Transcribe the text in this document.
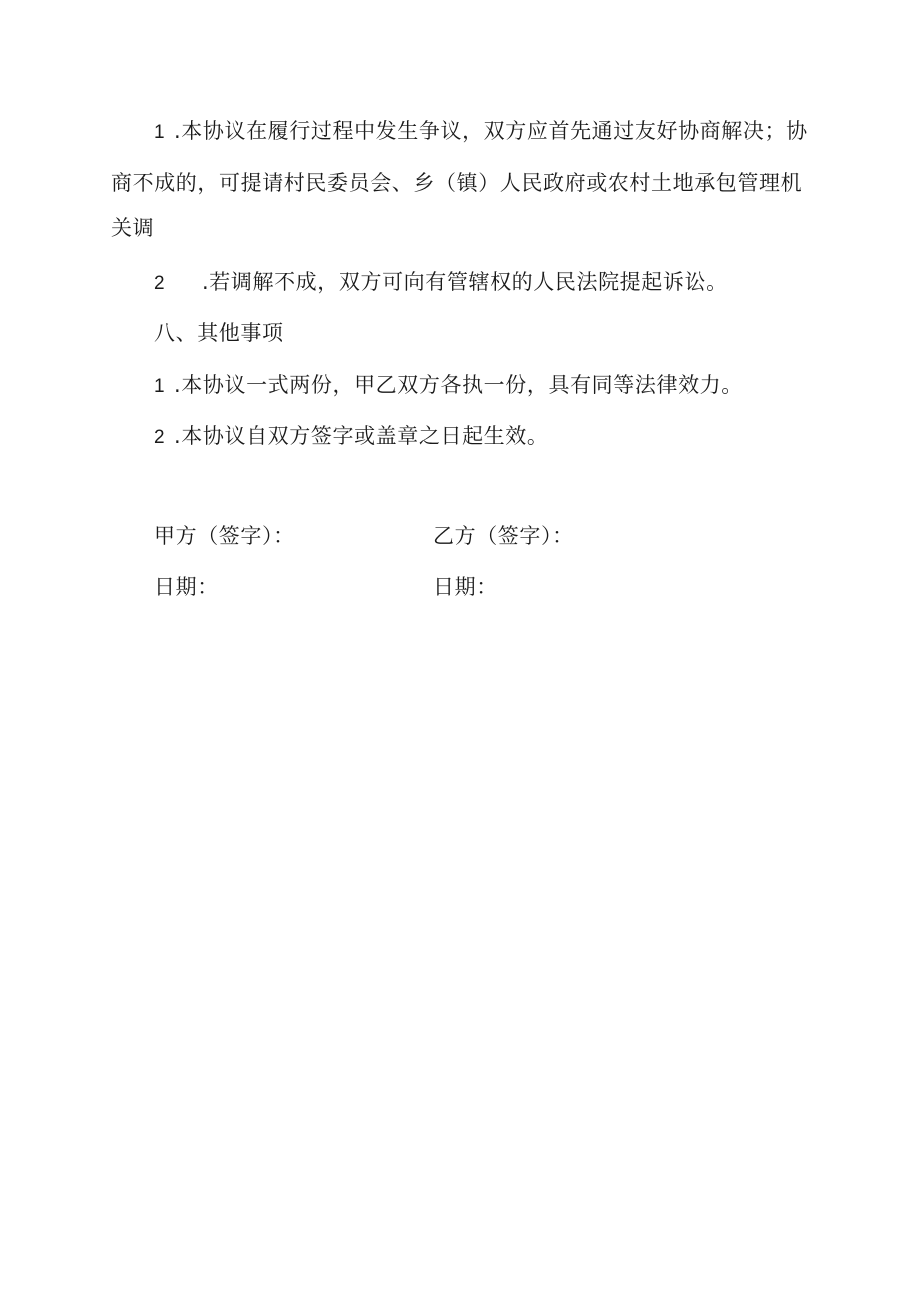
1 .本协议在履行过程中发生争议，双方应首先通过友好协商解决；协
商不成的，可提请村民委员会、乡（镇）人民政府或农村土地承包管理机
关调
2 .若调解不成，双方可向有管辖权的人民法院提起诉讼。
八、其他事项
1 .本协议一式两份，甲乙双方各执一份，具有同等法律效力。
2 .本协议自双方签字或盖章之日起生效。
甲方（签字）：	乙方（签字）：
日期：	日期：
